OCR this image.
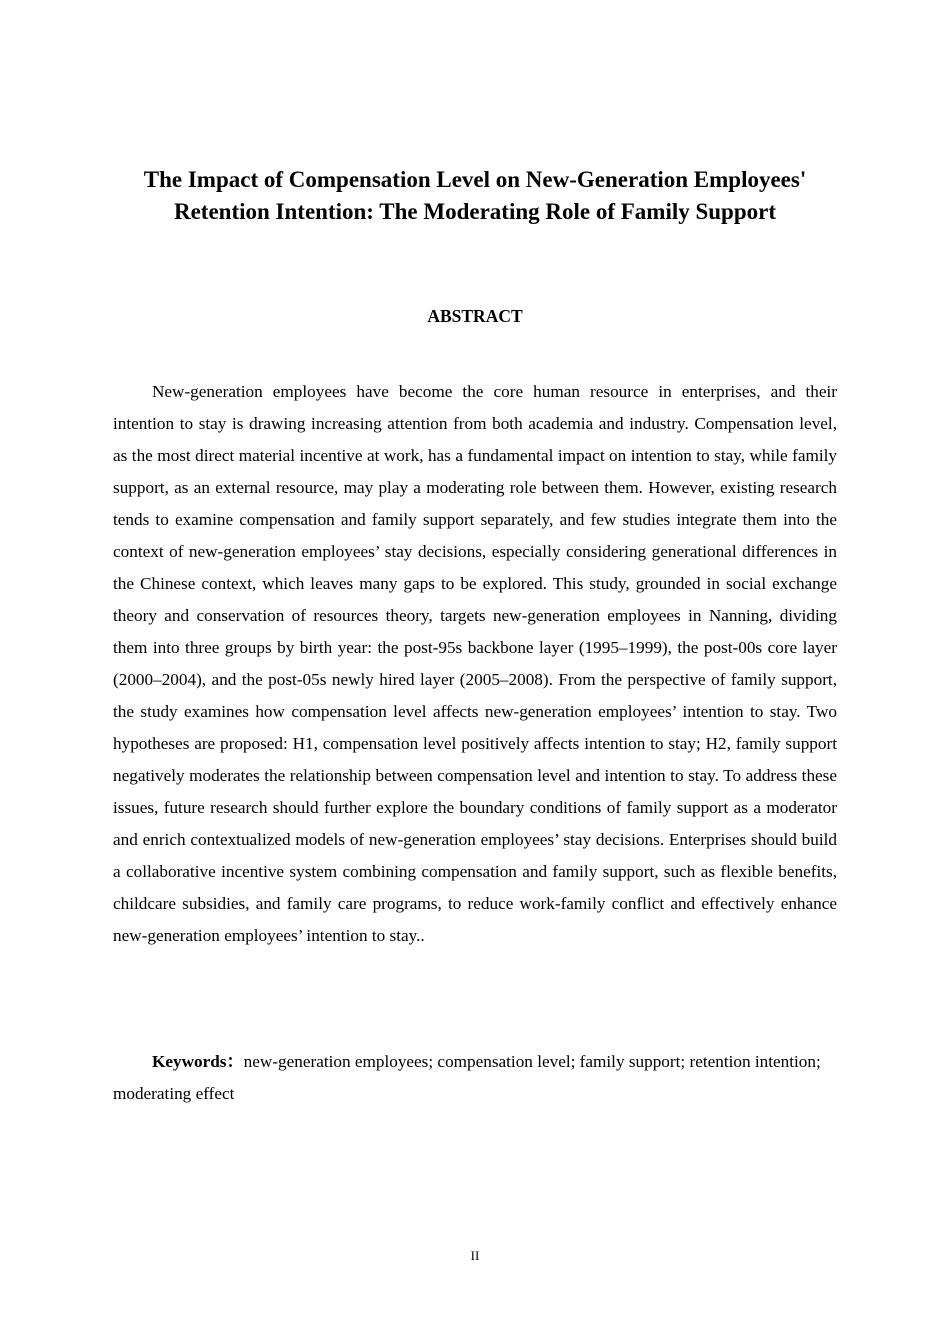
The Impact of Compensation Level on New-Generation Employees' Retention Intention: The Moderating Role of Family Support
ABSTRACT

New-generation employees have become the core human resource in enterprises, and their intention to stay is drawing increasing attention from both academia and industry. Compensation level, as the most direct material incentive at work, has a fundamental impact on intention to stay, while family support, as an external resource, may play a moderating role between them. However, existing research tends to examine compensation and family support separately, and few studies integrate them into the context of new-generation employees’ stay decisions, especially considering generational differences in the Chinese context, which leaves many gaps to be explored. This study, grounded in social exchange theory and conservation of resources theory, targets new-generation employees in Nanning, dividing them into three groups by birth year: the post-95s backbone layer (1995–1999), the post-00s core layer (2000–2004), and the post-05s newly hired layer (2005–2008). From the perspective of family support, the study examines how compensation level affects new-generation employees’ intention to stay. Two hypotheses are proposed: H1, compensation level positively affects intention to stay; H2, family support negatively moderates the relationship between compensation level and intention to stay. To address these issues, future research should further explore the boundary conditions of family support as a moderator and enrich contextualized models of new-generation employees’ stay decisions. Enterprises should build a collaborative incentive system combining compensation and family support, such as flexible benefits, childcare subsidies, and family care programs, to reduce work-family conflict and effectively enhance new-generation employees’ intention to stay..

Keywords：new-generation employees; compensation level; family support; retention intention; moderating effect

II
